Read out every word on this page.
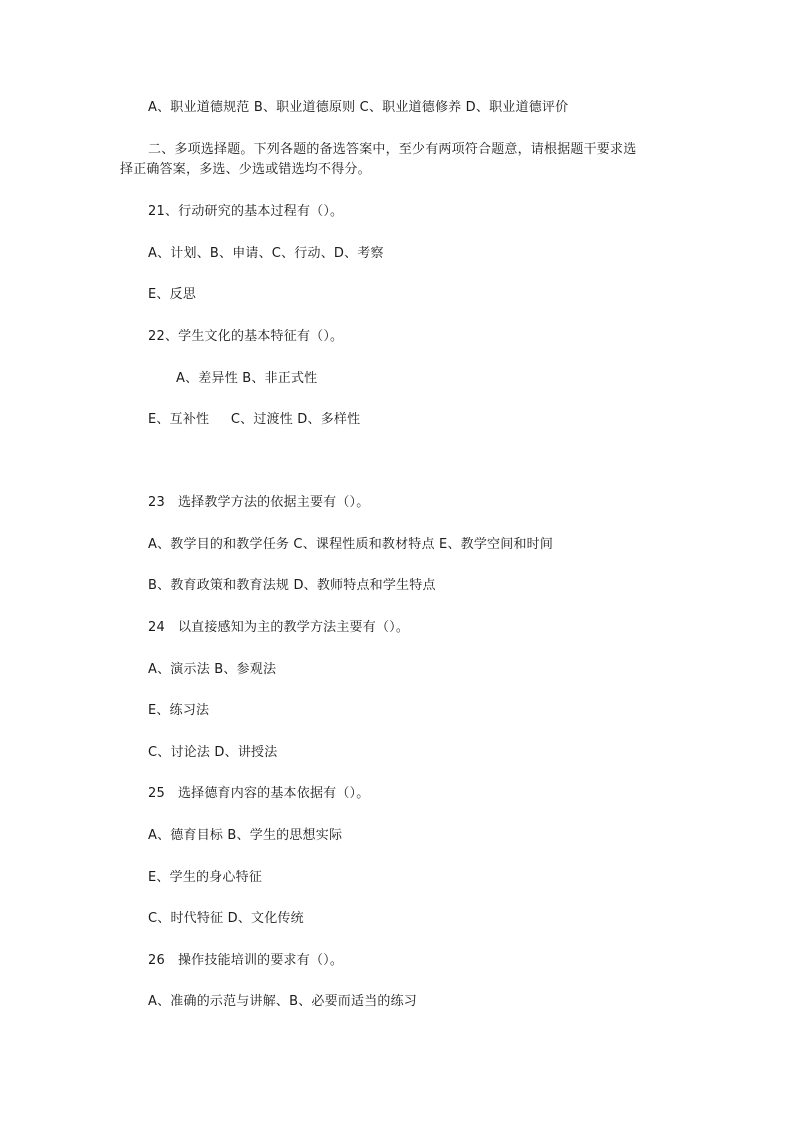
A、职业道德规范 B、职业道德原则 C、职业道德修养 D、职业道德评价
二、多项选择题。下列各题的备选答案中，至少有两项符合题意，请根据题干要求选
择正确答案，多选、少选或错选均不得分。
21、行动研究的基本过程有（）。
A、计划、B、申请、C、行动、D、考察
E、反思
22、学生文化的基本特征有（）。
A、差异性 B、非正式性
E、互补性     C、过渡性 D、多样性
23   选择教学方法的依据主要有（）。
A、教学目的和教学任务 C、课程性质和教材特点 E、教学空间和时间
B、教育政策和教育法规 D、教师特点和学生特点
24   以直接感知为主的教学方法主要有（）。
A、演示法 B、参观法
E、练习法
C、讨论法 D、讲授法
25   选择德育内容的基本依据有（）。
A、德育目标 B、学生的思想实际
E、学生的身心特征
C、时代特征 D、文化传统
26   操作技能培训的要求有（）。
A、准确的示范与讲解、B、必要而适当的练习
